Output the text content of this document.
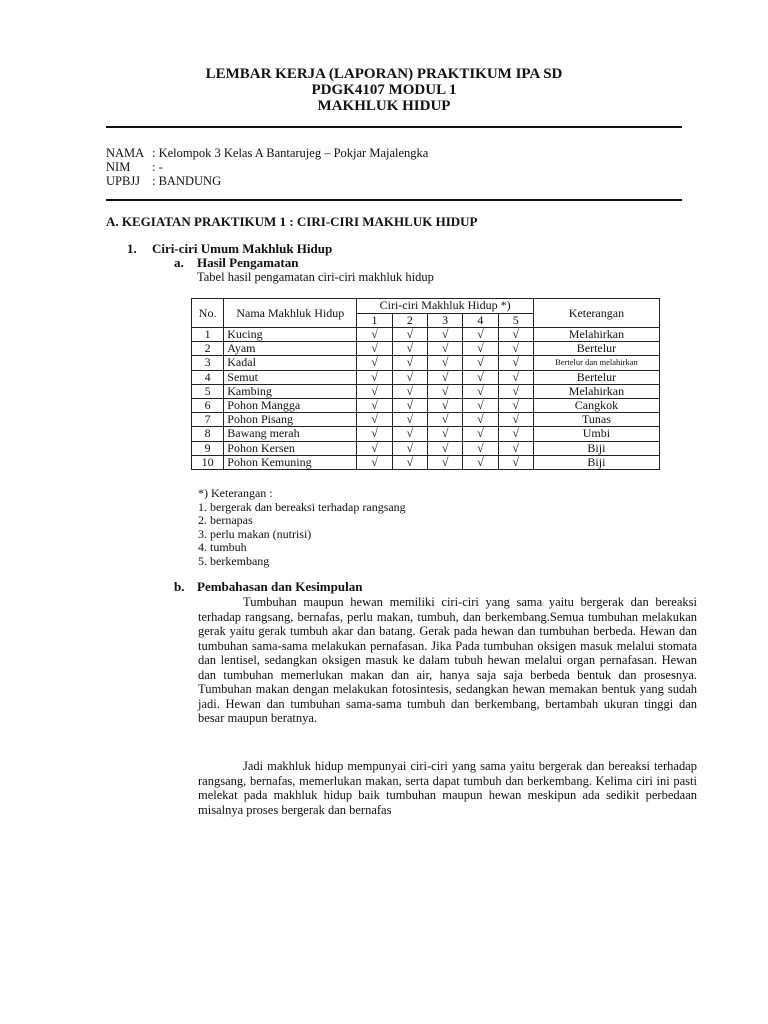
LEMBAR KERJA (LAPORAN) PRAKTIKUM IPA SD
PDGK4107 MODUL 1
MAKHLUK HIDUP
NAMA : Kelompok 3 Kelas A Bantarujeg – Pokjar Majalengka
NIM : -
UPBJJ : BANDUNG
A. KEGIATAN PRAKTIKUM 1 : CIRI-CIRI MAKHLUK HIDUP
1. Ciri-ciri Umum Makhluk Hidup
a. Hasil Pengamatan
Tabel hasil pengamatan ciri-ciri makhluk hidup
No.	Nama Makhluk Hidup	Ciri-ciri Makhluk Hidup *)					Keterangan
		1	2	3	4	5	
1	Kucing	√	√	√	√	√	Melahirkan
2	Ayam	√	√	√	√	√	Bertelur
3	Kadal	√	√	√	√	√	Bertelur dan melahirkan
4	Semut	√	√	√	√	√	Bertelur
5	Kambing	√	√	√	√	√	Melahirkan
6	Pohon Mangga	√	√	√	√	√	Cangkok
7	Pohon Pisang	√	√	√	√	√	Tunas
8	Bawang merah	√	√	√	√	√	Umbi
9	Pohon Kersen	√	√	√	√	√	Biji
10	Pohon Kemuning	√	√	√	√	√	Biji
*) Keterangan :
1. bergerak dan bereaksi terhadap rangsang
2. bernapas
3. perlu makan (nutrisi)
4. tumbuh
5. berkembang
b. Pembahasan dan Kesimpulan
Tumbuhan maupun hewan memiliki ciri-ciri yang sama yaitu bergerak dan bereaksi terhadap rangsang, bernafas, perlu makan, tumbuh, dan berkembang.Semua tumbuhan melakukan gerak yaitu gerak tumbuh akar dan batang. Gerak pada hewan dan tumbuhan berbeda. Hewan dan tumbuhan sama-sama melakukan pernafasan. Jika Pada tumbuhan oksigen masuk melalui stomata dan lentisel, sedangkan oksigen masuk ke dalam tubuh hewan melalui organ pernafasan. Hewan dan tumbuhan memerlukan makan dan air, hanya saja saja berbeda bentuk dan prosesnya. Tumbuhan makan dengan melakukan fotosintesis, sedangkan hewan memakan bentuk yang sudah jadi. Hewan dan tumbuhan sama-sama tumbuh dan berkembang, bertambah ukuran tinggi dan besar maupun beratnya.
Jadi makhluk hidup mempunyai ciri-ciri yang sama yaitu bergerak dan bereaksi terhadap rangsang, bernafas, memerlukan makan, serta dapat tumbuh dan berkembang. Kelima ciri ini pasti melekat pada makhluk hidup baik tumbuhan maupun hewan meskipun ada sedikit perbedaan misalnya proses bergerak dan bernafas
